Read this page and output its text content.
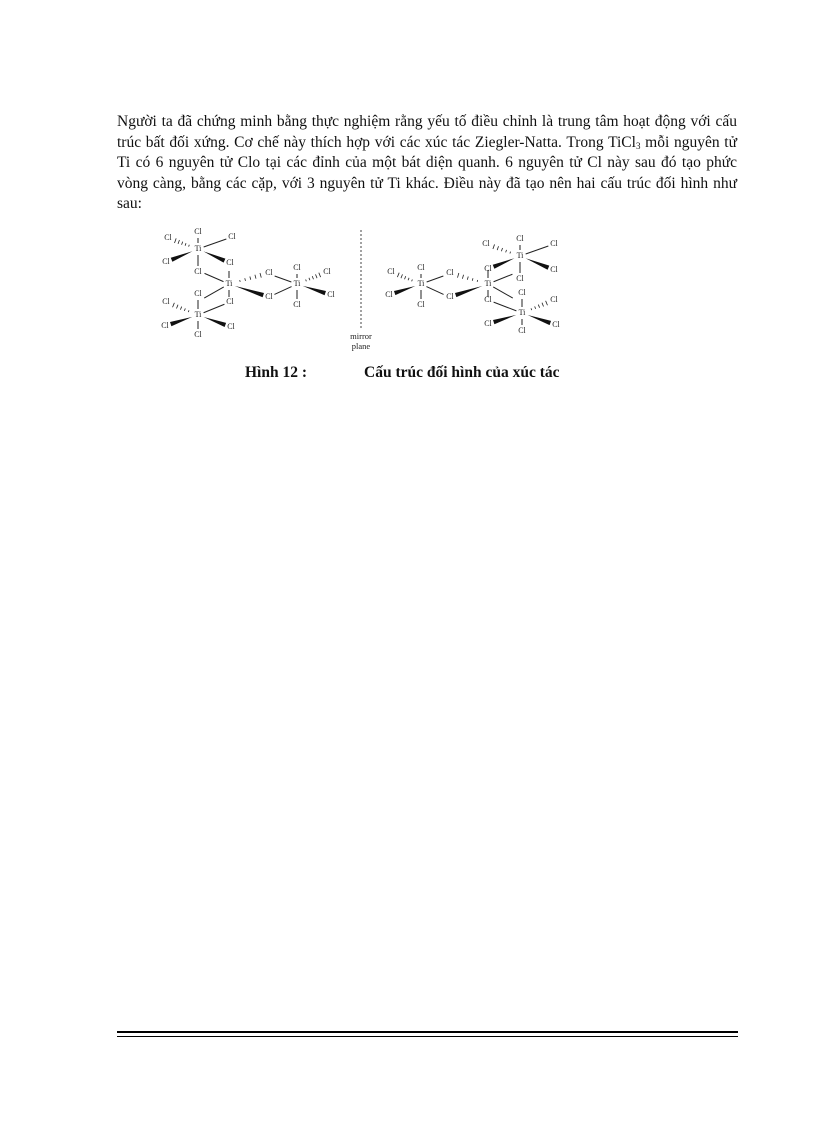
Người ta đã chứng minh bằng thực nghiệm rằng yếu tố điều chỉnh là trung tâm hoạt động với cấu trúc bất đối xứng. Cơ chế này thích hợp với các xúc tác Ziegler-Natta. Trong TiCl$_3$ mỗi nguyên tử Ti có 6 nguyên tử Clo tại các đỉnh của một bát diện quanh. 6 nguyên tử Cl này sau đó tạo phức vòng càng, bằng các cặp, với 3 nguyên tử Ti khác. Điều này đã tạo nên hai cấu trúc đối hình như sau:
Ti
Cl
Cl	Cl
Cl	Cl
Cl
Ti
Cl
Cl
Ti
Cl
Cl	Cl
Cl	Cl
Cl
Ti
Cl	Cl
Cl
Cl
mirror
plane
Ti
Cl
Cl	Cl
Cl	Cl
Cl
Ti
Cl
Cl
Ti
Cl
Cl	Cl
Cl	Cl
Cl
Ti
Cl
Cl
Cl
Cl
Hình 12 :	Cấu trúc đối hình của xúc tác
